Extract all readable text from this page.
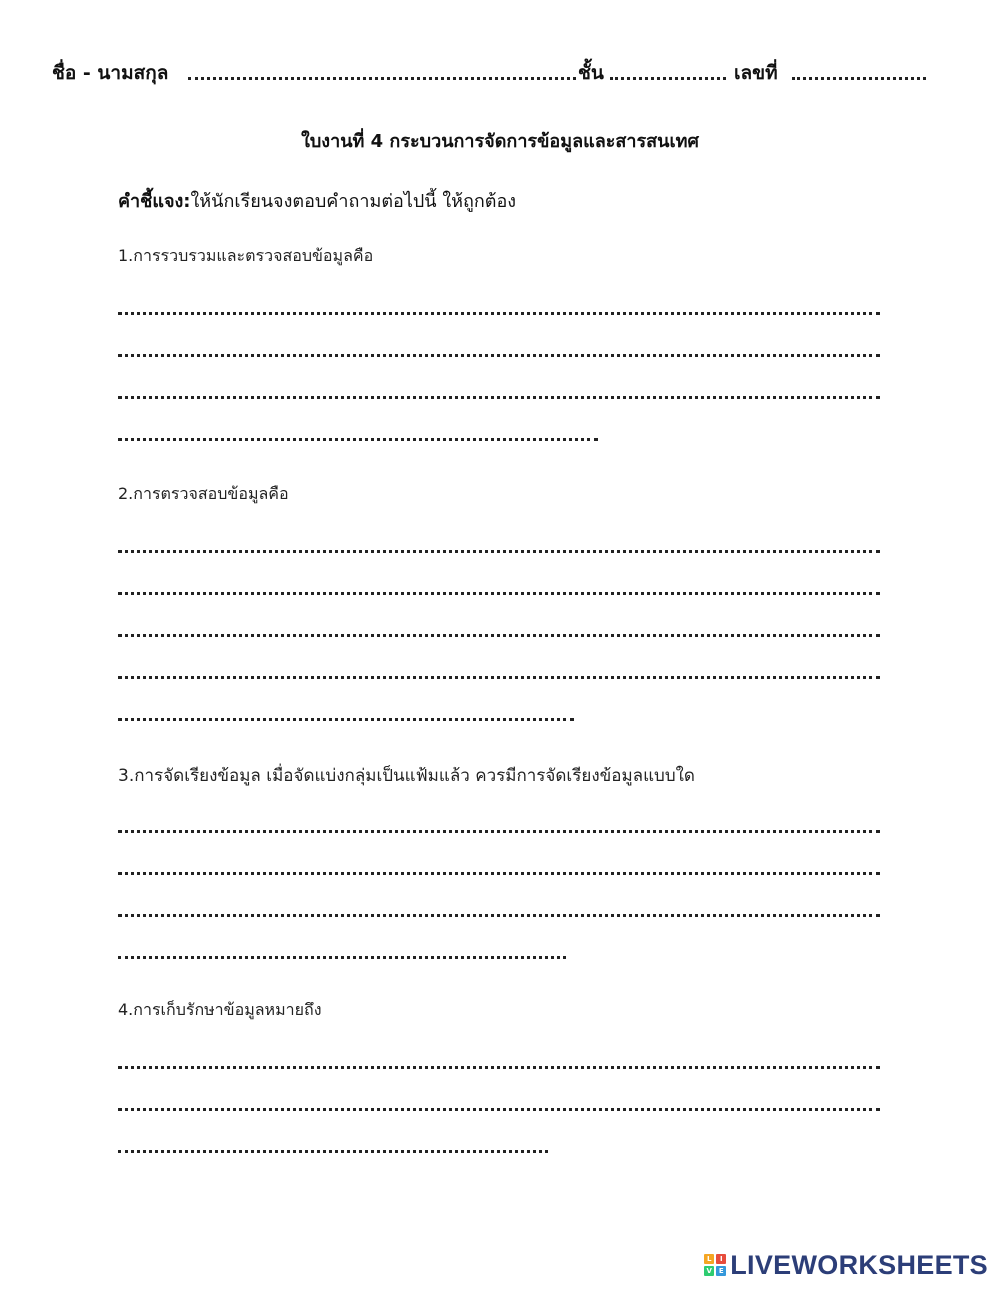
ชื่อ - นามสกุล	ชั้น	เลขที่
ใบงานที่ 4 กระบวนการจัดการข้อมูลและสารสนเทศ
คำชี้แจง:ให้นักเรียนจงตอบคำถามต่อไปนี้ ให้ถูกต้อง
1.การรวบรวมและตรวจสอบข้อมูลคือ
2.การตรวจสอบข้อมูลคือ
3.การจัดเรียงข้อมูล เมื่อจัดแบ่งกลุ่มเป็นแฟ้มแล้ว ควรมีการจัดเรียงข้อมูลแบบใด
4.การเก็บรักษาข้อมูลหมายถึง
L	I
V E LIVEWORKSHEETS
